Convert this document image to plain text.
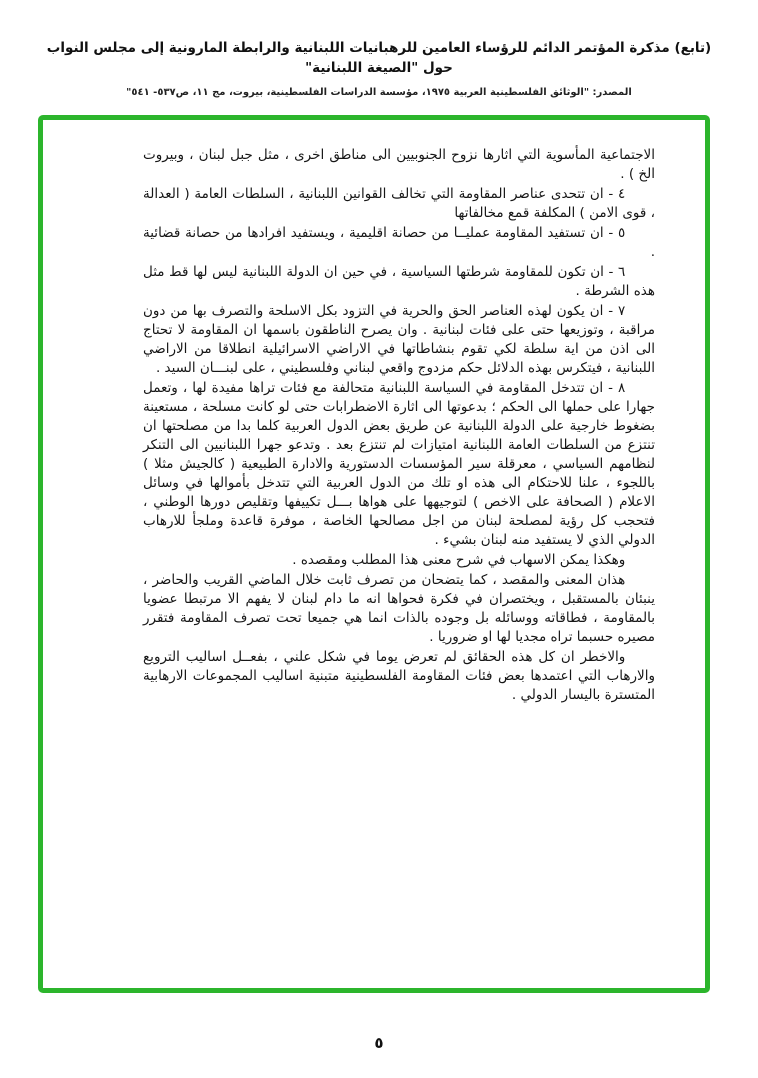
(تابع) مذكرة المؤتمر الدائم للرؤساء العامين للرهبانيات اللبنانية والرابطة المارونية إلى مجلس النواب حول "الصيغة اللبنانية"
المصدر: "الوثائق الفلسطينية العربية ١٩٧٥، مؤسسة الدراسات الفلسطينية، بيروت، مج ١١، ص٥٣٧- ٥٤١"

الاجتماعية المأسوية التي اثارها نزوح الجنوبيين الى مناطق اخرى ، مثل جبل لبنان ، وبيروت الخ ) .

٤ - ان تتحدى عناصر المقاومة التي تخالف القوانين اللبنانية ، السلطات العامة ( العدالة ، قوى الامن ) المكلفة قمع مخالفاتها

٥ - ان تستفيد المقاومة عمليــا من حصانة اقليمية ، ويستفيد افرادها من حصانة قضائية .

٦ - ان تكون للمقاومة شرطتها السياسية ، في حين ان الدولة اللبنانية ليس لها قط مثل هذه الشرطة .

٧ - ان يكون لهذه العناصر الحق والحرية في التزود بكل الاسلحة والتصرف بها من دون مراقبة ، وتوزيعها حتى على فئات لبنانية . وان يصرح الناطقون باسمها ان المقاومة لا تحتاج الى اذن من اية سلطة لكي تقوم بنشاطاتها في الاراضي الاسرائيلية انطلاقا من الاراضي اللبنانية ، فيتكرس بهذه الدلائل حكم مزدوج واقعي لبناني وفلسطيني ، على لبنـــان السيد .

٨ - ان تتدخل المقاومة في السياسة اللبنانية متحالفة مع فئات تراها مفيدة لها ، وتعمل جهارا على حملها الى الحكم ؛ بدعوتها الى اثارة الاضطرابات حتى لو كانت مسلحة ، مستعينة بضغوط خارجية على الدولة اللبنانية عن طريق بعض الدول العربية كلما بدا من مصلحتها ان تنتزع من السلطات العامة اللبنانية امتيازات لم تنتزع بعد . وتدعو جهرا اللبنانيين الى التنكر لنظامهم السياسي ، معرقلة سير المؤسسات الدستورية والادارة الطبيعية ( كالجيش مثلا ) باللجوء ، علنا للاحتكام الى هذه او تلك من الدول العربية التي تتدخل بأموالها في وسائل الاعلام ( الصحافة على الاخص ) لتوجيهها على هواها بـــل تكييفها وتقليص دورها الوطني ، فتحجب كل رؤية لمصلحة لبنان من اجل مصالحها الخاصة ، موفرة قاعدة وملجأ للارهاب الدولي الذي لا يستفيد منه لبنان بشيء .

وهكذا يمكن الاسهاب في شرح معنى هذا المطلب ومقصده .

هذان المعنى والمقصد ، كما يتضحان من تصرف ثابت خلال الماضي القريب والحاضر ، ينبئان بالمستقبل ، ويختصران في فكرة فحواها انه ما دام لبنان لا يفهم الا مرتبطا عضويا بالمقاومة ، فطاقاته ووسائله بل وجوده بالذات انما هي جميعا تحت تصرف المقاومة فتقرر مصيره حسبما تراه مجديا لها او ضروريا .

والاخطر ان كل هذه الحقائق لم تعرض يوما في شكل علني ، بفعــل اساليب الترويع والارهاب التي اعتمدها بعض فئات المقاومة الفلسطينية متبنية اساليب المجموعات الارهابية المتسترة باليسار الدولي .

٥
